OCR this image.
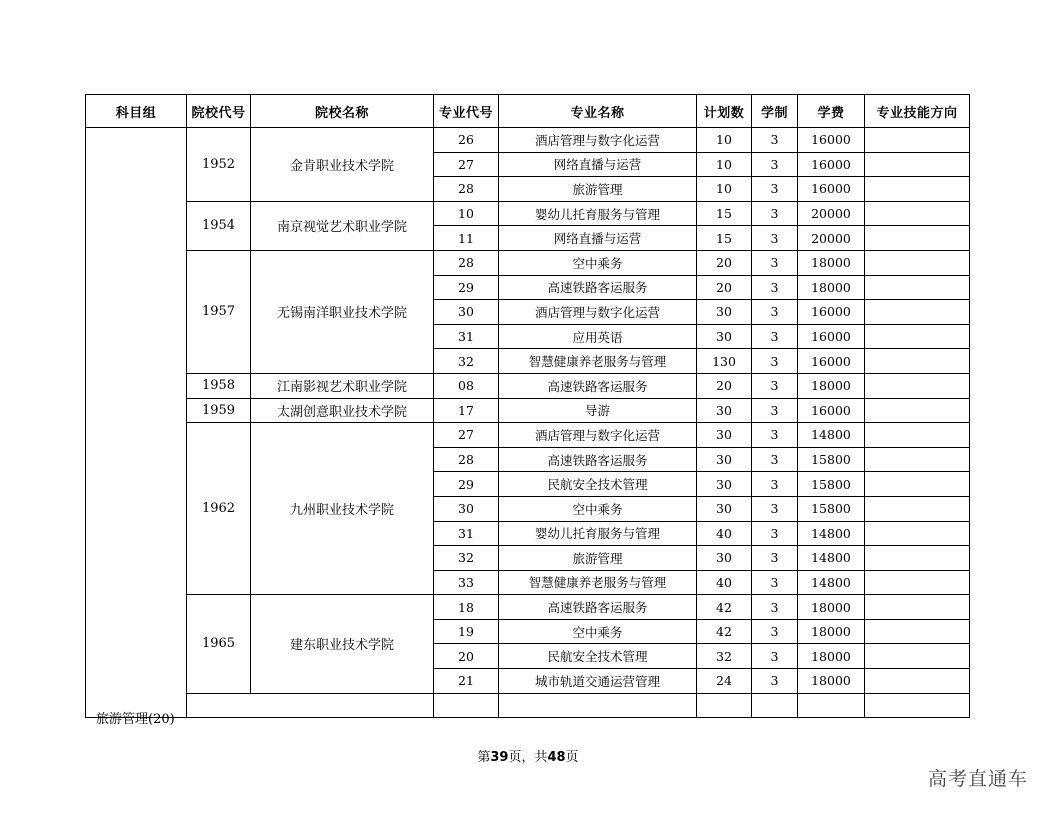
科目组	院校代号	院校名称	专业代号	专业名称	计划数	学制	学费	专业技能方向
旅游管理(20)	1952	金肯职业技术学院	26	酒店管理与数字化运营	10	3	16000	
			27	网络直播与运营	10	3	16000	
			28	旅游管理	10	3	16000	
	1954	南京视觉艺术职业学院	10	婴幼儿托育服务与管理	15	3	20000	
			11	网络直播与运营	15	3	20000	
	1957	无锡南洋职业技术学院	28	空中乘务	20	3	18000	
			29	高速铁路客运服务	20	3	18000	
			30	酒店管理与数字化运营	30	3	16000	
			31	应用英语	30	3	16000	
			32	智慧健康养老服务与管理	130	3	16000	
	1958	江南影视艺术职业学院	08	高速铁路客运服务	20	3	18000	
	1959	太湖创意职业技术学院	17	导游	30	3	16000	
	1962	九州职业技术学院	27	酒店管理与数字化运营	30	3	14800	
			28	高速铁路客运服务	30	3	15800	
			29	民航安全技术管理	30	3	15800	
			30	空中乘务	30	3	15800	
			31	婴幼儿托育服务与管理	40	3	14800	
			32	旅游管理	30	3	14800	
			33	智慧健康养老服务与管理	40	3	14800	
	1965	建东职业技术学院	18	高速铁路客运服务	42	3	18000	
			19	空中乘务	42	3	18000	
			20	民航安全技术管理	32	3	18000	
			21	城市轨道交通运营管理	24	3	18000	

第39页，共48页
高考直通车
